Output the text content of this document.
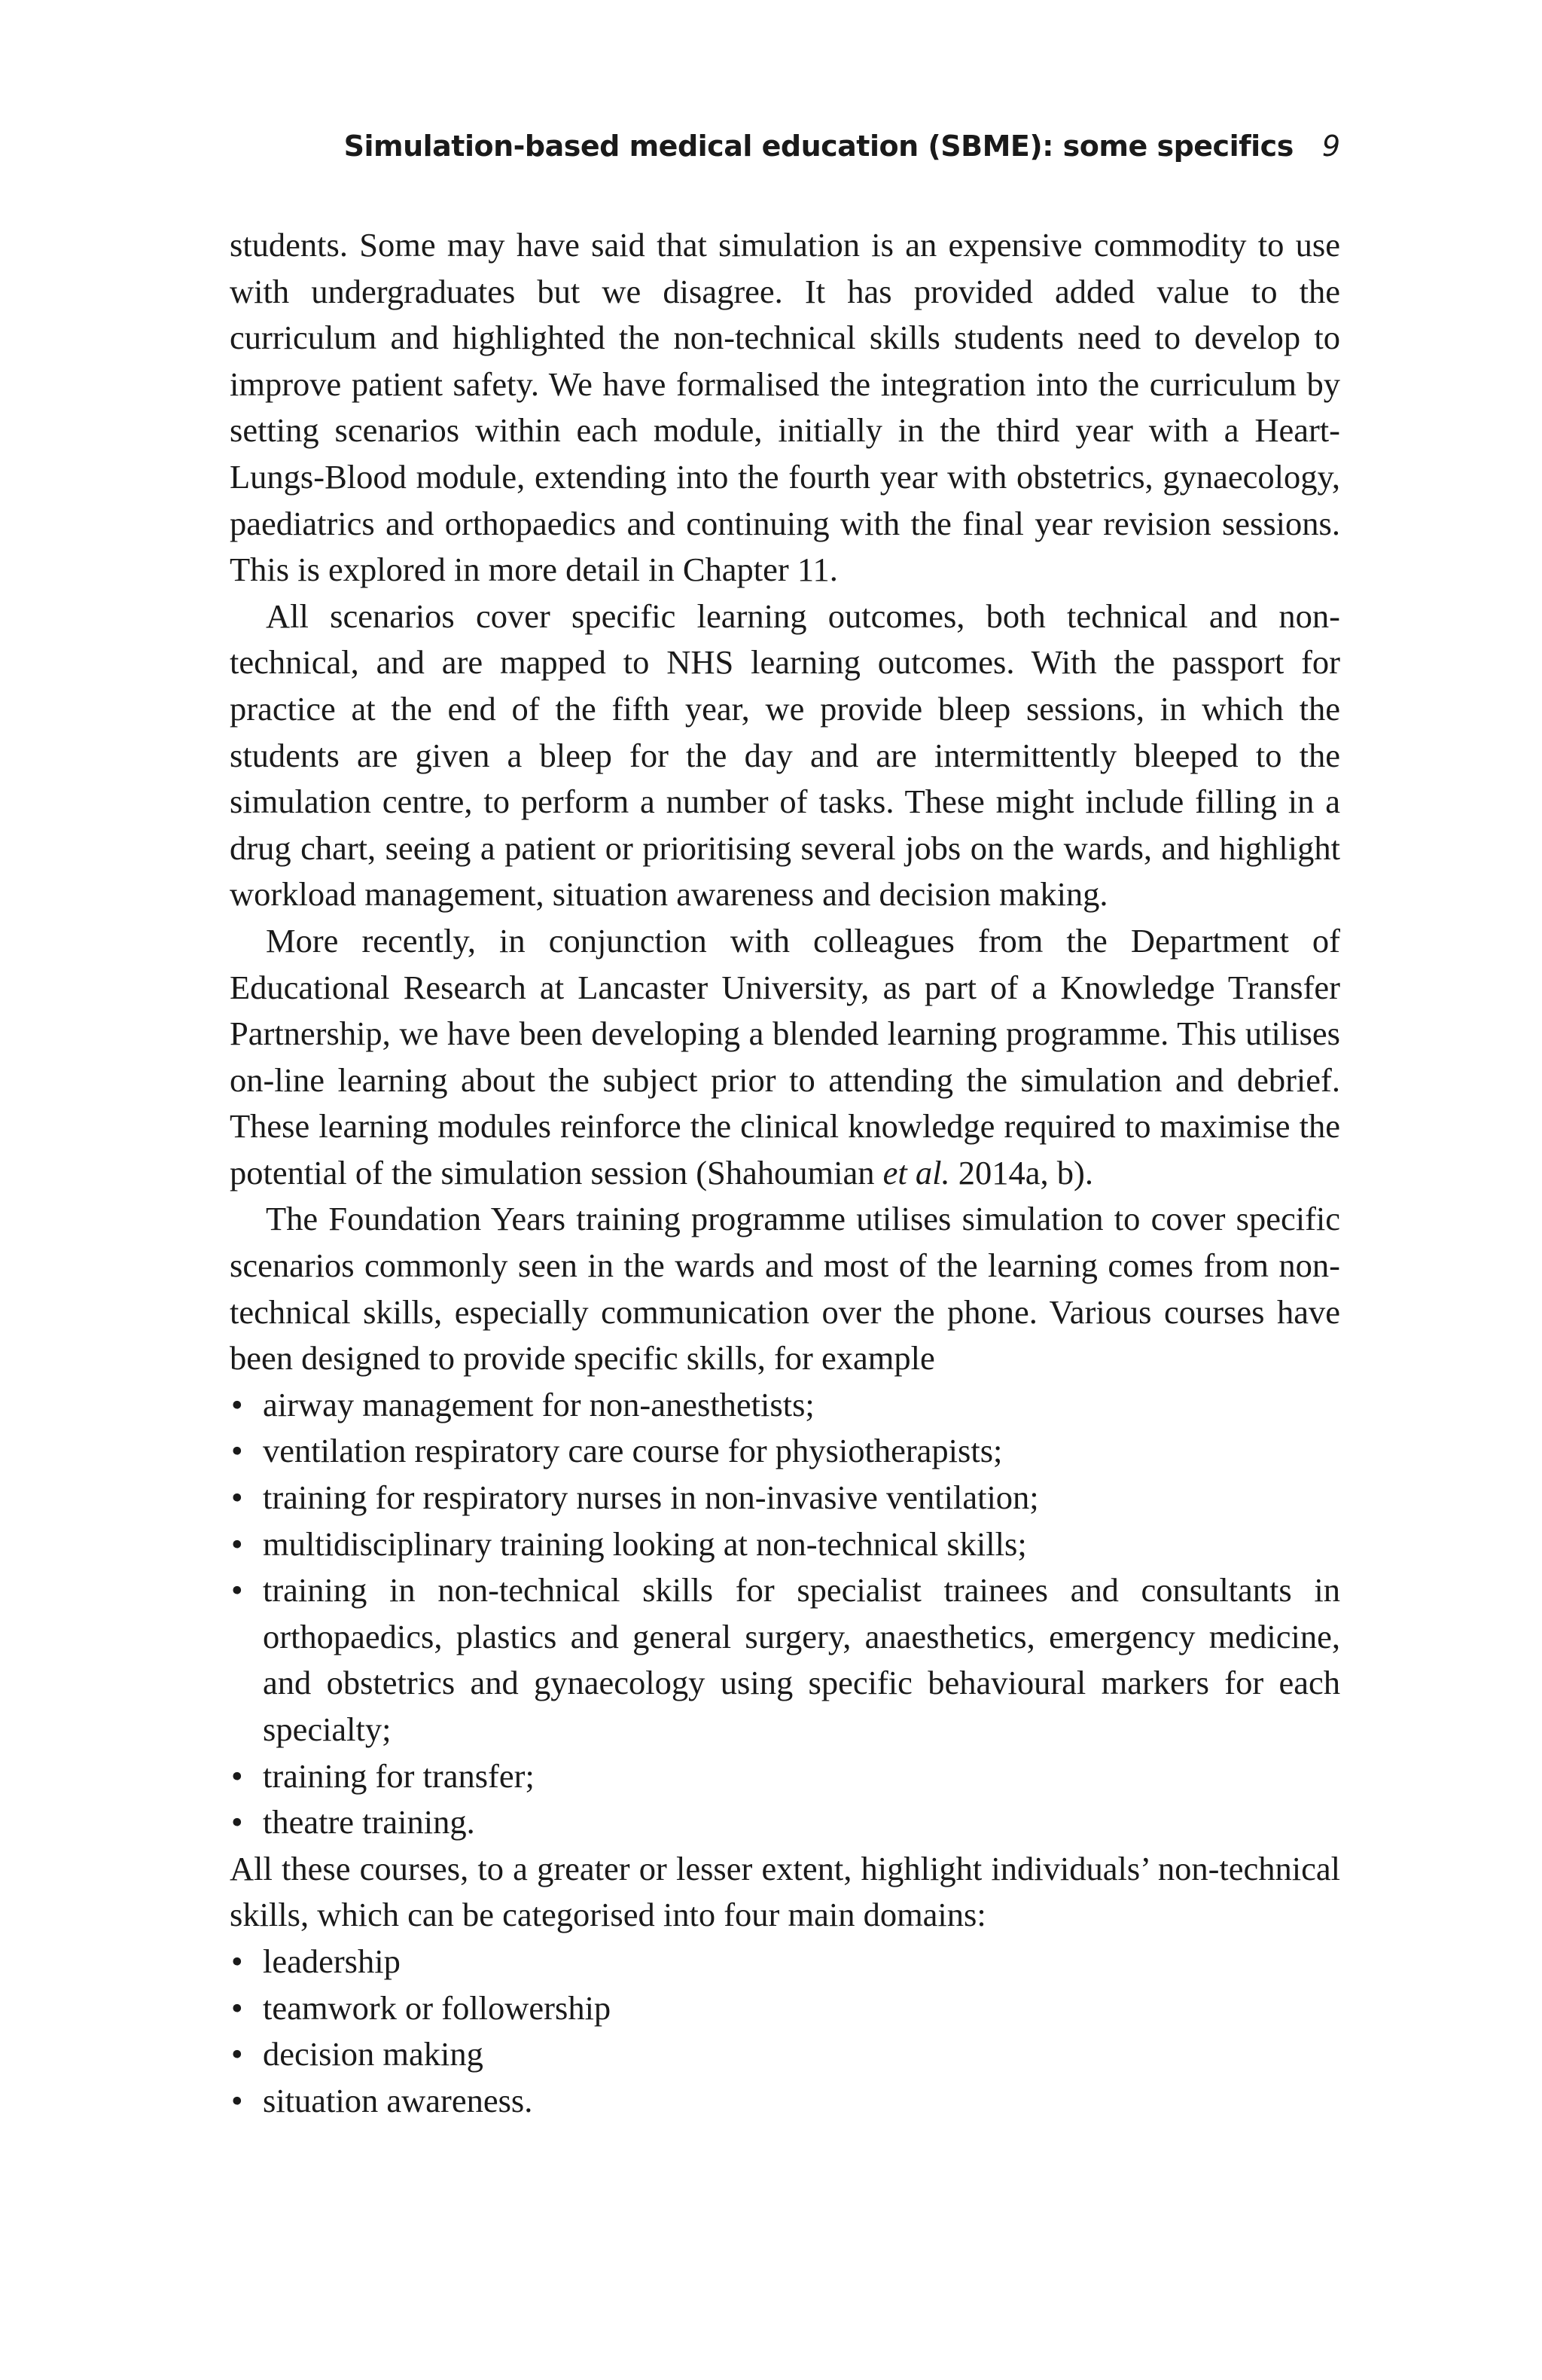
Simulation-based medical education (SBME): some specifics 9

students. Some may have said that simulation is an expensive commodity to use with undergraduates but we disagree. It has provided added value to the curriculum and highlighted the non-technical skills students need to develop to improve patient safety. We have formalised the integration into the curriculum by setting scenarios within each module, initially in the third year with a Heart-Lungs-Blood module, extending into the fourth year with obstetrics, gynaecology, paediatrics and orthopaedics and continuing with the final year revision sessions. This is explored in more detail in Chapter 11.

All scenarios cover specific learning outcomes, both technical and non-technical, and are mapped to NHS learning outcomes. With the passport for practice at the end of the fifth year, we provide bleep sessions, in which the students are given a bleep for the day and are intermittently bleeped to the simulation centre, to perform a number of tasks. These might include filling in a drug chart, seeing a patient or prioritising several jobs on the wards, and highlight workload management, situation awareness and decision making.

More recently, in conjunction with colleagues from the Department of Educational Research at Lancaster University, as part of a Knowledge Transfer Partnership, we have been developing a blended learning programme. This utilises on-line learning about the subject prior to attending the simulation and debrief. These learning modules reinforce the clinical knowledge required to maximise the potential of the simulation session (Shahoumian et al. 2014a, b).

The Foundation Years training programme utilises simulation to cover specific scenarios commonly seen in the wards and most of the learning comes from non-technical skills, especially communication over the phone. Various courses have been designed to provide specific skills, for example

• airway management for non-anesthetists;
• ventilation respiratory care course for physiotherapists;
• training for respiratory nurses in non-invasive ventilation;
• multidisciplinary training looking at non-technical skills;
• training in non-technical skills for specialist trainees and consultants in orthopaedics, plastics and general surgery, anaesthetics, emergency medicine, and obstetrics and gynaecology using specific behavioural markers for each specialty;
• training for transfer;
• theatre training.

All these courses, to a greater or lesser extent, highlight individuals’ non-technical skills, which can be categorised into four main domains:

• leadership
• teamwork or followership
• decision making
• situation awareness.
